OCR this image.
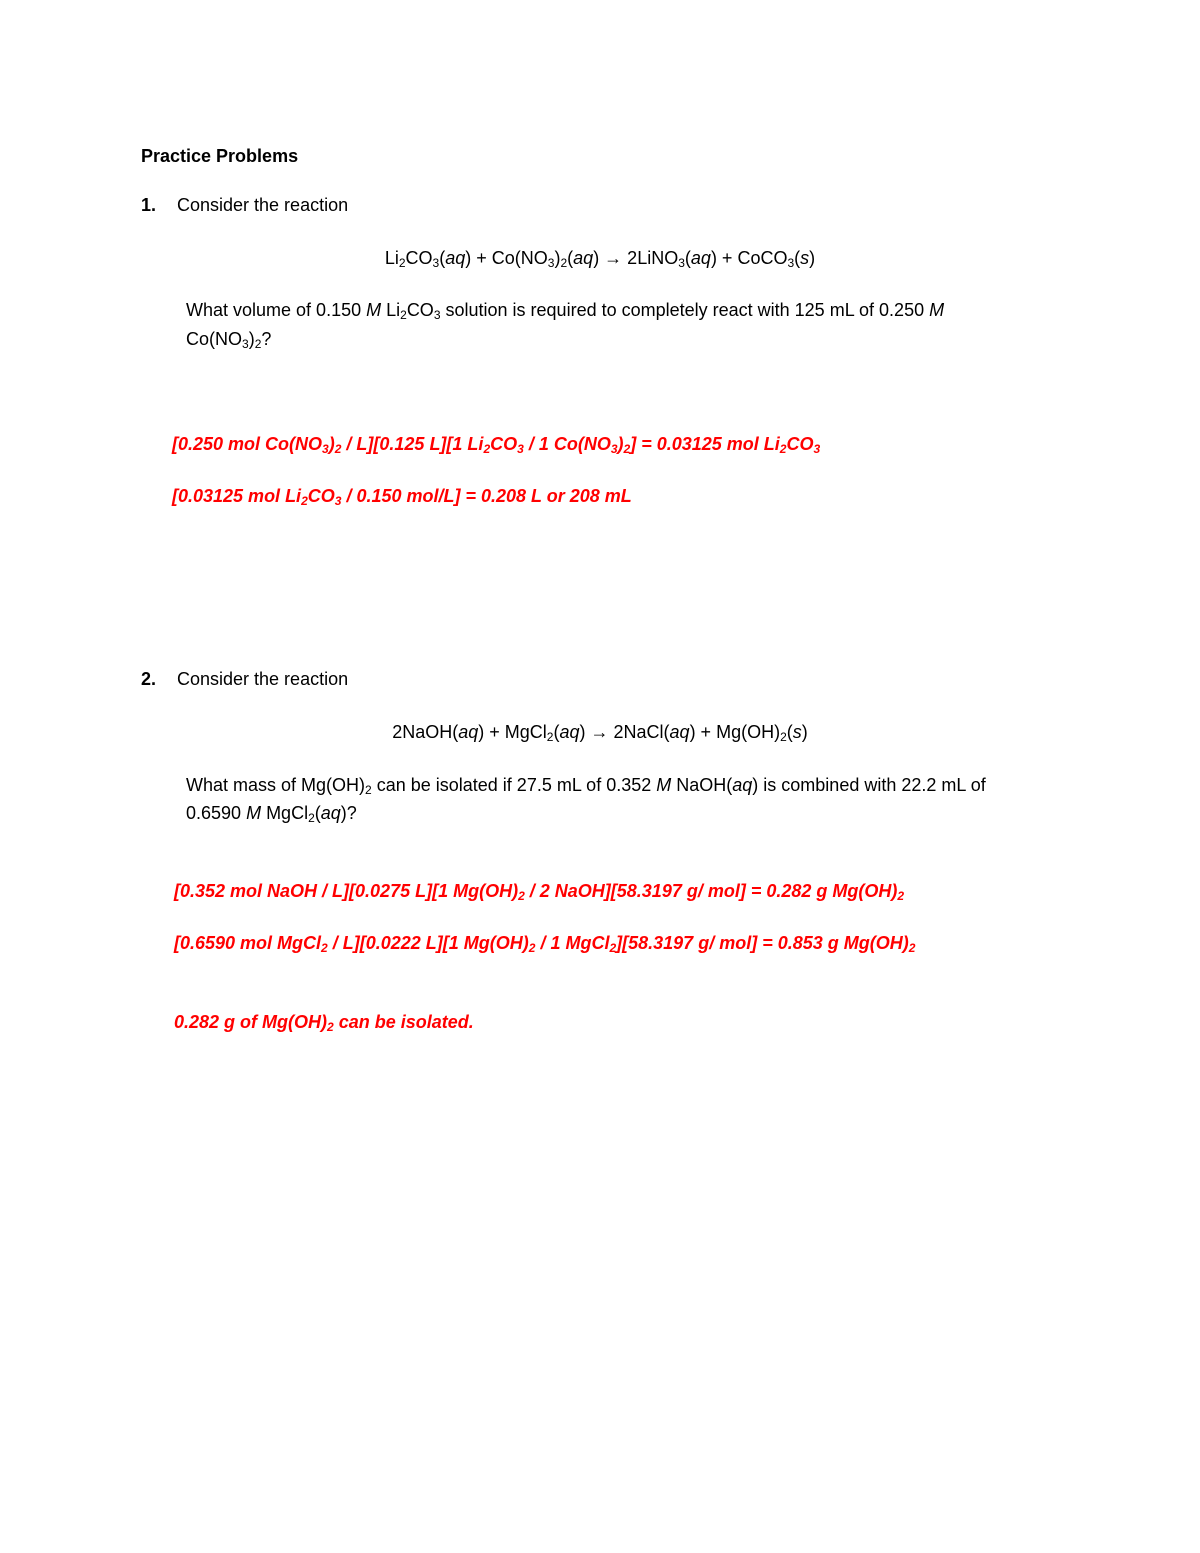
Practice Problems
1. Consider the reaction
$Li_2CO_3(aq) + Co(NO_3)_2(aq)$ → 2LiNO$_3$(aq) + CoCO$_3$(s)
What volume of 0.150 M $Li_2CO_3$ solution is required to completely react with 125 mL of 0.250 M
$Co(NO_3)_2$?
[0.250 mol $Co(NO_3)_2 / L][0.125$ L][1 $Li_2CO_3 / 1$ $Co(NO_3)_2] = 0.03125$ mol $Li_2CO_3$
[0.03125 mol $Li_2CO_3 / 0.150$ mol/L] = 0.208 L or 208 mL
2. Consider the reaction
2NaOH(aq) + MgCl$_2$(aq) → 2NaCl(aq) + $Mg(OH)_2(s)$
What mass of $Mg(OH)_2$ can be isolated if 27.5 mL of 0.352 M NaOH(aq) is combined with 22.2 mL of
0.6590 M MgCl$_2$(aq)?
[0.352 mol NaOH / L][0.0275 L][1 $Mg(OH)_2 / 2$ NaOH][58.3197 g/ mol] = 0.282 g $Mg(OH)_2$
[0.6590 mol MgCl$_2$ / L][0.0222 L][1 $Mg(OH)_2 / 1$ MgCl$_2$][58.3197 g/ mol] = 0.853 g $Mg(OH)_2$
0.282 g of $Mg(OH)_2$ can be isolated.
